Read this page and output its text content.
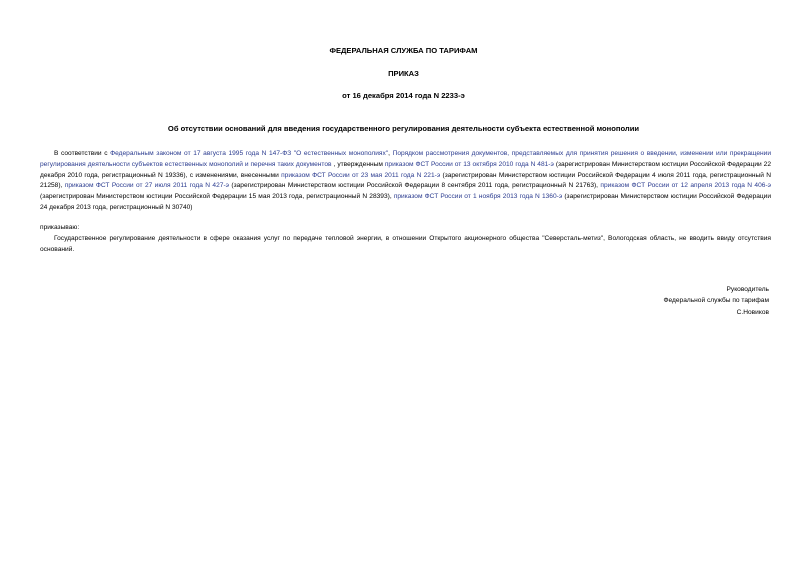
ФЕДЕРАЛЬНАЯ СЛУЖБА ПО ТАРИФАМ
ПРИКАЗ
от 16 декабря 2014 года N 2233-э
Об отсутствии оснований для введения государственного регулирования деятельности субъекта естественной монополии

В соответствии с Федеральным законом от 17 августа 1995 года N 147-ФЗ "О естественных монополиях", Порядком рассмотрения документов, представляемых для принятия решения о введении, изменении или прекращении регулирования деятельности субъектов естественных монополий и перечня таких документов , утвержденным приказом ФСТ России от 13 октября 2010 года N 481-э (зарегистрирован Министерством юстиции Российской Федерации 22 декабря 2010 года, регистрационный N 19336), с изменениями, внесенными приказом ФСТ России от 23 мая 2011 года N 221-э (зарегистрирован Министерством юстиции Российской Федерации 4 июля 2011 года, регистрационный N 21258), приказом ФСТ России от 27 июля 2011 года N 427-э (зарегистрирован Министерством юстиции Российской Федерации 8 сентября 2011 года, регистрационный N 21763), приказом ФСТ России от 12 апреля 2013 года N 406-э (зарегистрирован Министерством юстиции Российской Федерации 15 мая 2013 года, регистрационный N 28393), приказом ФСТ России от 1 ноября 2013 года N 1360-э (зарегистрирован Министерством юстиции Российской Федерации 24 декабря 2013 года, регистрационный N 30740)

приказываю:

Государственное регулирование деятельности в сфере оказания услуг по передаче тепловой энергии, в отношении Открытого акционерного общества "Северсталь-метиз", Вологодская область, не вводить ввиду отсутствия оснований.

Руководитель
Федеральной службы по тарифам
С.Новиков
